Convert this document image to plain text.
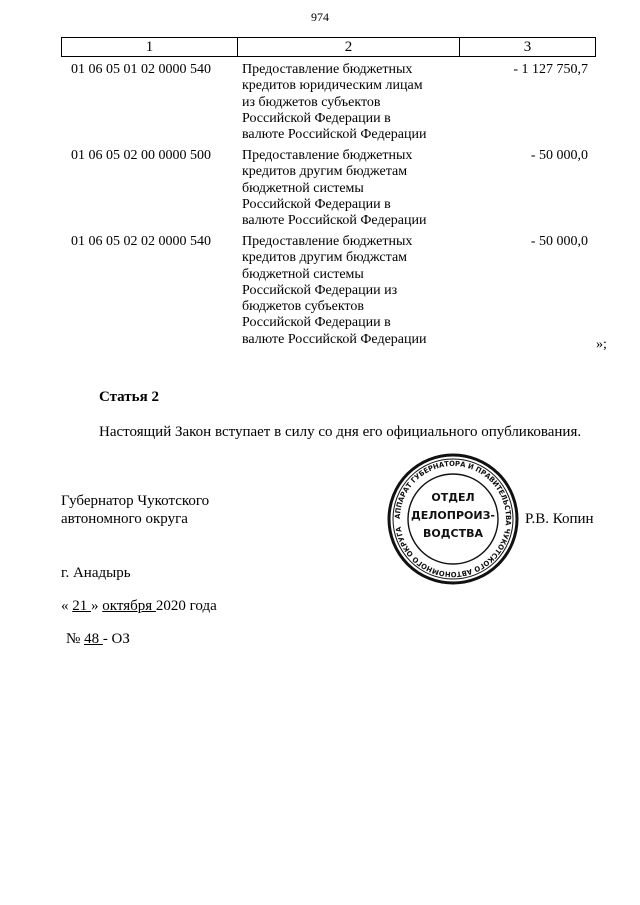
974
1	2	3
01 06 05 01 02 0000 540 Предоставление бюджетных
кредитов юридическим лицам
из бюджетов субъектов
Российской Федерации в
валюте Российской Федерации
- 1 127 750,7
01 06 05 02 00 0000 500 Предоставление бюджетных
кредитов другим бюджетам
бюджетной системы
Российской Федерации в
валюте Российской Федерации
- 50 000,0
01 06 05 02 02 0000 540 Предоставление бюджетных
кредитов другим бюджстам
бюджетной системы
Российской Федерации из
бюджетов субъектов
Российской Федерации в
валюте Российской Федерации
- 50 000,0
»;
Статья 2
Настоящий Закон вступает в силу со дня его официального опубликования.
Губернатор Чукотского
автономного округа	АППАРАТ ГУБЕРНАТОРА И ПРАВИТЕЛЬСТВА ЧУКОТСКОГО АВТОНОМНОГО ОКРУГА
ОТДЕЛ
ДЕЛОПРОИЗ-
ВОДСТВА
Р.В. Копин
г. Анадырь
« 21 » октября 2020 года
№ 48 - ОЗ
